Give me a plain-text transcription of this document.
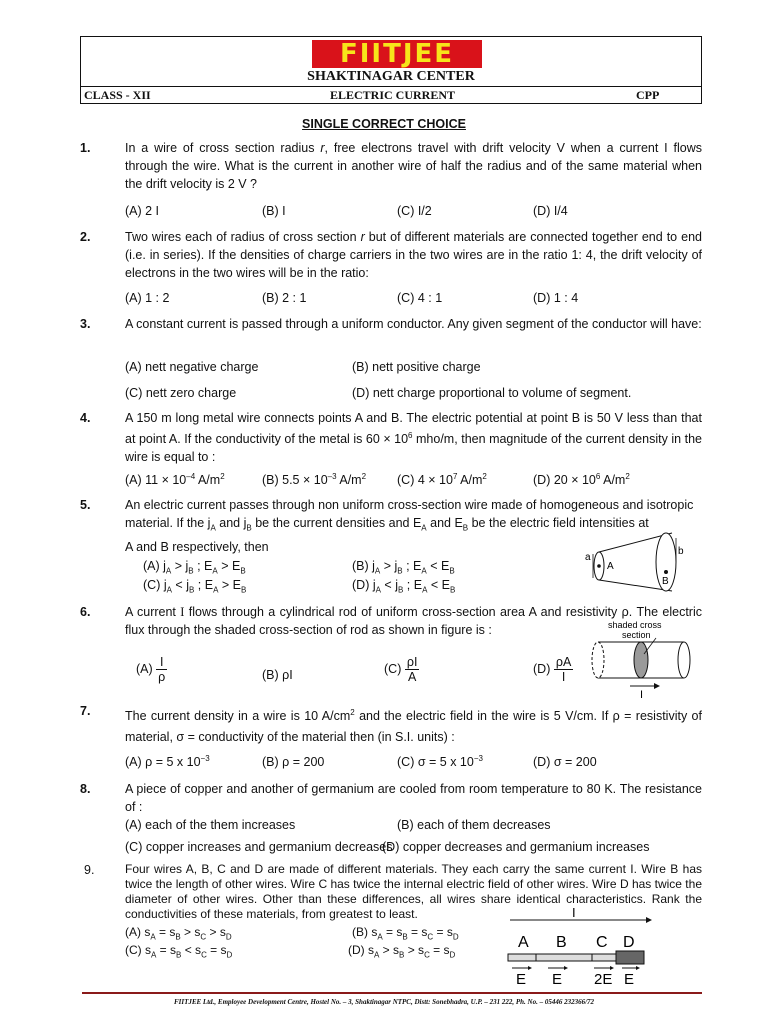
FIITJEE
SHAKTINAGAR CENTER
CLASS - XII	ELECTRIC CURRENT	CPP
SINGLE CORRECT CHOICE
1.	In a wire of cross section radius r, free electrons travel with drift velocity V when a current I flows through the wire. What is the current in another wire of half the radius and of the same material when the drift velocity is 2 V ?
(A) 2 I	(B) I	(C) I/2	(D) I/4
2.	Two wires each of radius of cross section r but of different materials are connected together end to end (i.e. in series). If the densities of charge carriers in the two wires are in the ratio 1: 4, the drift velocity of electrons in the two wires will be in the ratio:
(A) 1 : 2	(B) 2 : 1	(C) 4 : 1	(D) 1 : 4
3.	A constant current is passed through a uniform conductor. Any given segment of the conductor will have:
(A) nett negative charge	(B) nett positive charge
(C) nett zero charge	(D) nett charge proportional to volume of segment.
4.	A 150 m long metal wire connects points A and B. The electric potential at point B is 50 V less than that at point A. If the conductivity of the metal is $60 \times 10^6$ mho/m, then magnitude of the current density in the wire is equal to :
(A) $11 \times 10^{-4}$ $A/m^2$	(B) $5.5 \times 10^{-3}$ $A/m^2$ (C) $4 \times 10^7$ $A/m^2$	(D) $20 \times 10^6$ $A/m^2$
5.	An electric current passes through non uniform cross-section wire made of homogeneous and isotropic
material. If the $j_A$ and $j_B$ be the current densities and $E_A$ and $E_B$ be the electric field intensities at
A and B respectively, then
(A) $j_A > j_B$ ; $E_A > E_B$	(B) $j_A > j_B$ ; $E_A < E_B$
(C) $j_A < j_B$ ; $E_A > E_B$	(D) $j_A < j_B$ ; $E_A < E_B$
a
A
b
B
6.	A current I flows through a cylindrical rod of uniform cross-section area A and resistivity ρ. The electric flux through the shaded cross-section of rod as shown in figure is :
$(A) \frac{I}{\rho}$	(B) ρI	$(C) \frac{\rho I}{A}$	$(D) \frac{\rho A}{I}$
shaded cross
section
I
7.	The current density in a wire is 10 $A/cm^2$ and the electric field in the wire is 5 V/cm. If ρ = resistivity of material, σ = conductivity of the material then (in S.I. units) :
(A) ρ = 5 x $10^{-3}$	(B) ρ = 200	(C) σ = 5 x $10^{-3}$	(D) σ = 200
8.	A piece of copper and another of germanium are cooled from room temperature to 80 K. The resistance of :
(A) each of the them increases	(B) each of them decreases
(C) copper increases and germanium decreases
(D) copper decreases and germanium increases
9.	Four wires A, B, C and D are made of different materials. They each carry the same current I. Wire B has twice the length of other wires. Wire C has twice the internal electric field of other wires. Wire D has twice the diameter of other wires. Other than these differences, all wires share identical characteristics. Rank the conductivities of these materials, from greatest to least.
(A) $s_A = s_B > s_C > s_D$	(B) $s_A = s_B = s_C = s_D$
(C) $s_A = s_B < s_C = s_D$	(D) $s_A > s_B > s_C = s_D$
I
A B C D
E E 2E E
FIITJEE Ltd., Employee Development Centre, Hostel No. – 3, Shaktinagar NTPC, Distt: Sonebhadra, U.P. – 231 222, Ph. No. – 05446 232366/72
